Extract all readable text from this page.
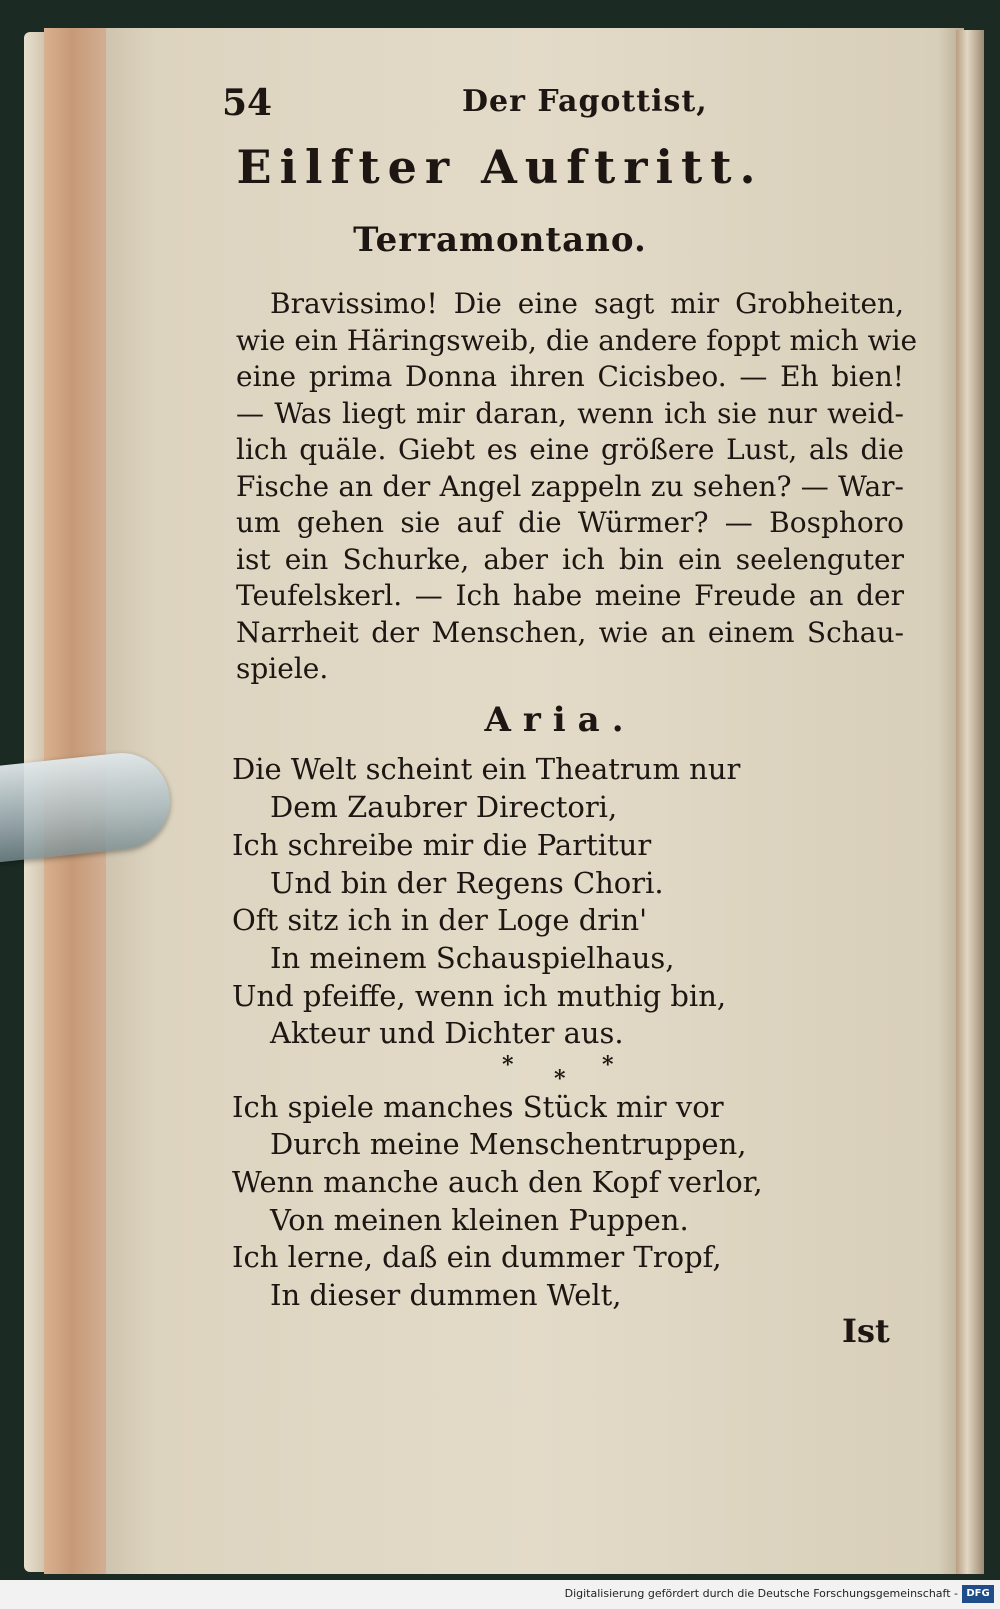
54	Der Fagottist,
Eilfter Auftritt.
Terramontano.
Bravissimo! Die eine sagt mir Grobheiten,
wie ein Häringsweib, die andere foppt mich wie
eine prima Donna ihren Cicisbeo. — Eh bien!
— Was liegt mir daran, wenn ich sie nur weid-
lich quäle. Giebt es eine größere Lust, als die
Fische an der Angel zappeln zu sehen? — War-
um gehen sie auf die Würmer? — Bosphoro
ist ein Schurke, aber ich bin ein seelenguter
Teufelskerl. — Ich habe meine Freude an der
Narrheit der Menschen, wie an einem Schau-
spiele.
Aria.
Die Welt scheint ein Theatrum nur
Dem Zaubrer Directori,
Ich schreibe mir die Partitur
Und bin der Regens Chori.
Oft sitz ich in der Loge drin'
In meinem Schauspielhaus,
Und pfeiffe, wenn ich muthig bin,
Akteur und Dichter aus.
*
*
*
Ich spiele manches Stück mir vor
Durch meine Menschentruppen,
Wenn manche auch den Kopf verlor,
Von meinen kleinen Puppen.
Ich lerne, daß ein dummer Tropf,
In dieser dummen Welt,
Ist
Digitalisierung gefördert durch die Deutsche Forschungsgemeinschaft - DFG
